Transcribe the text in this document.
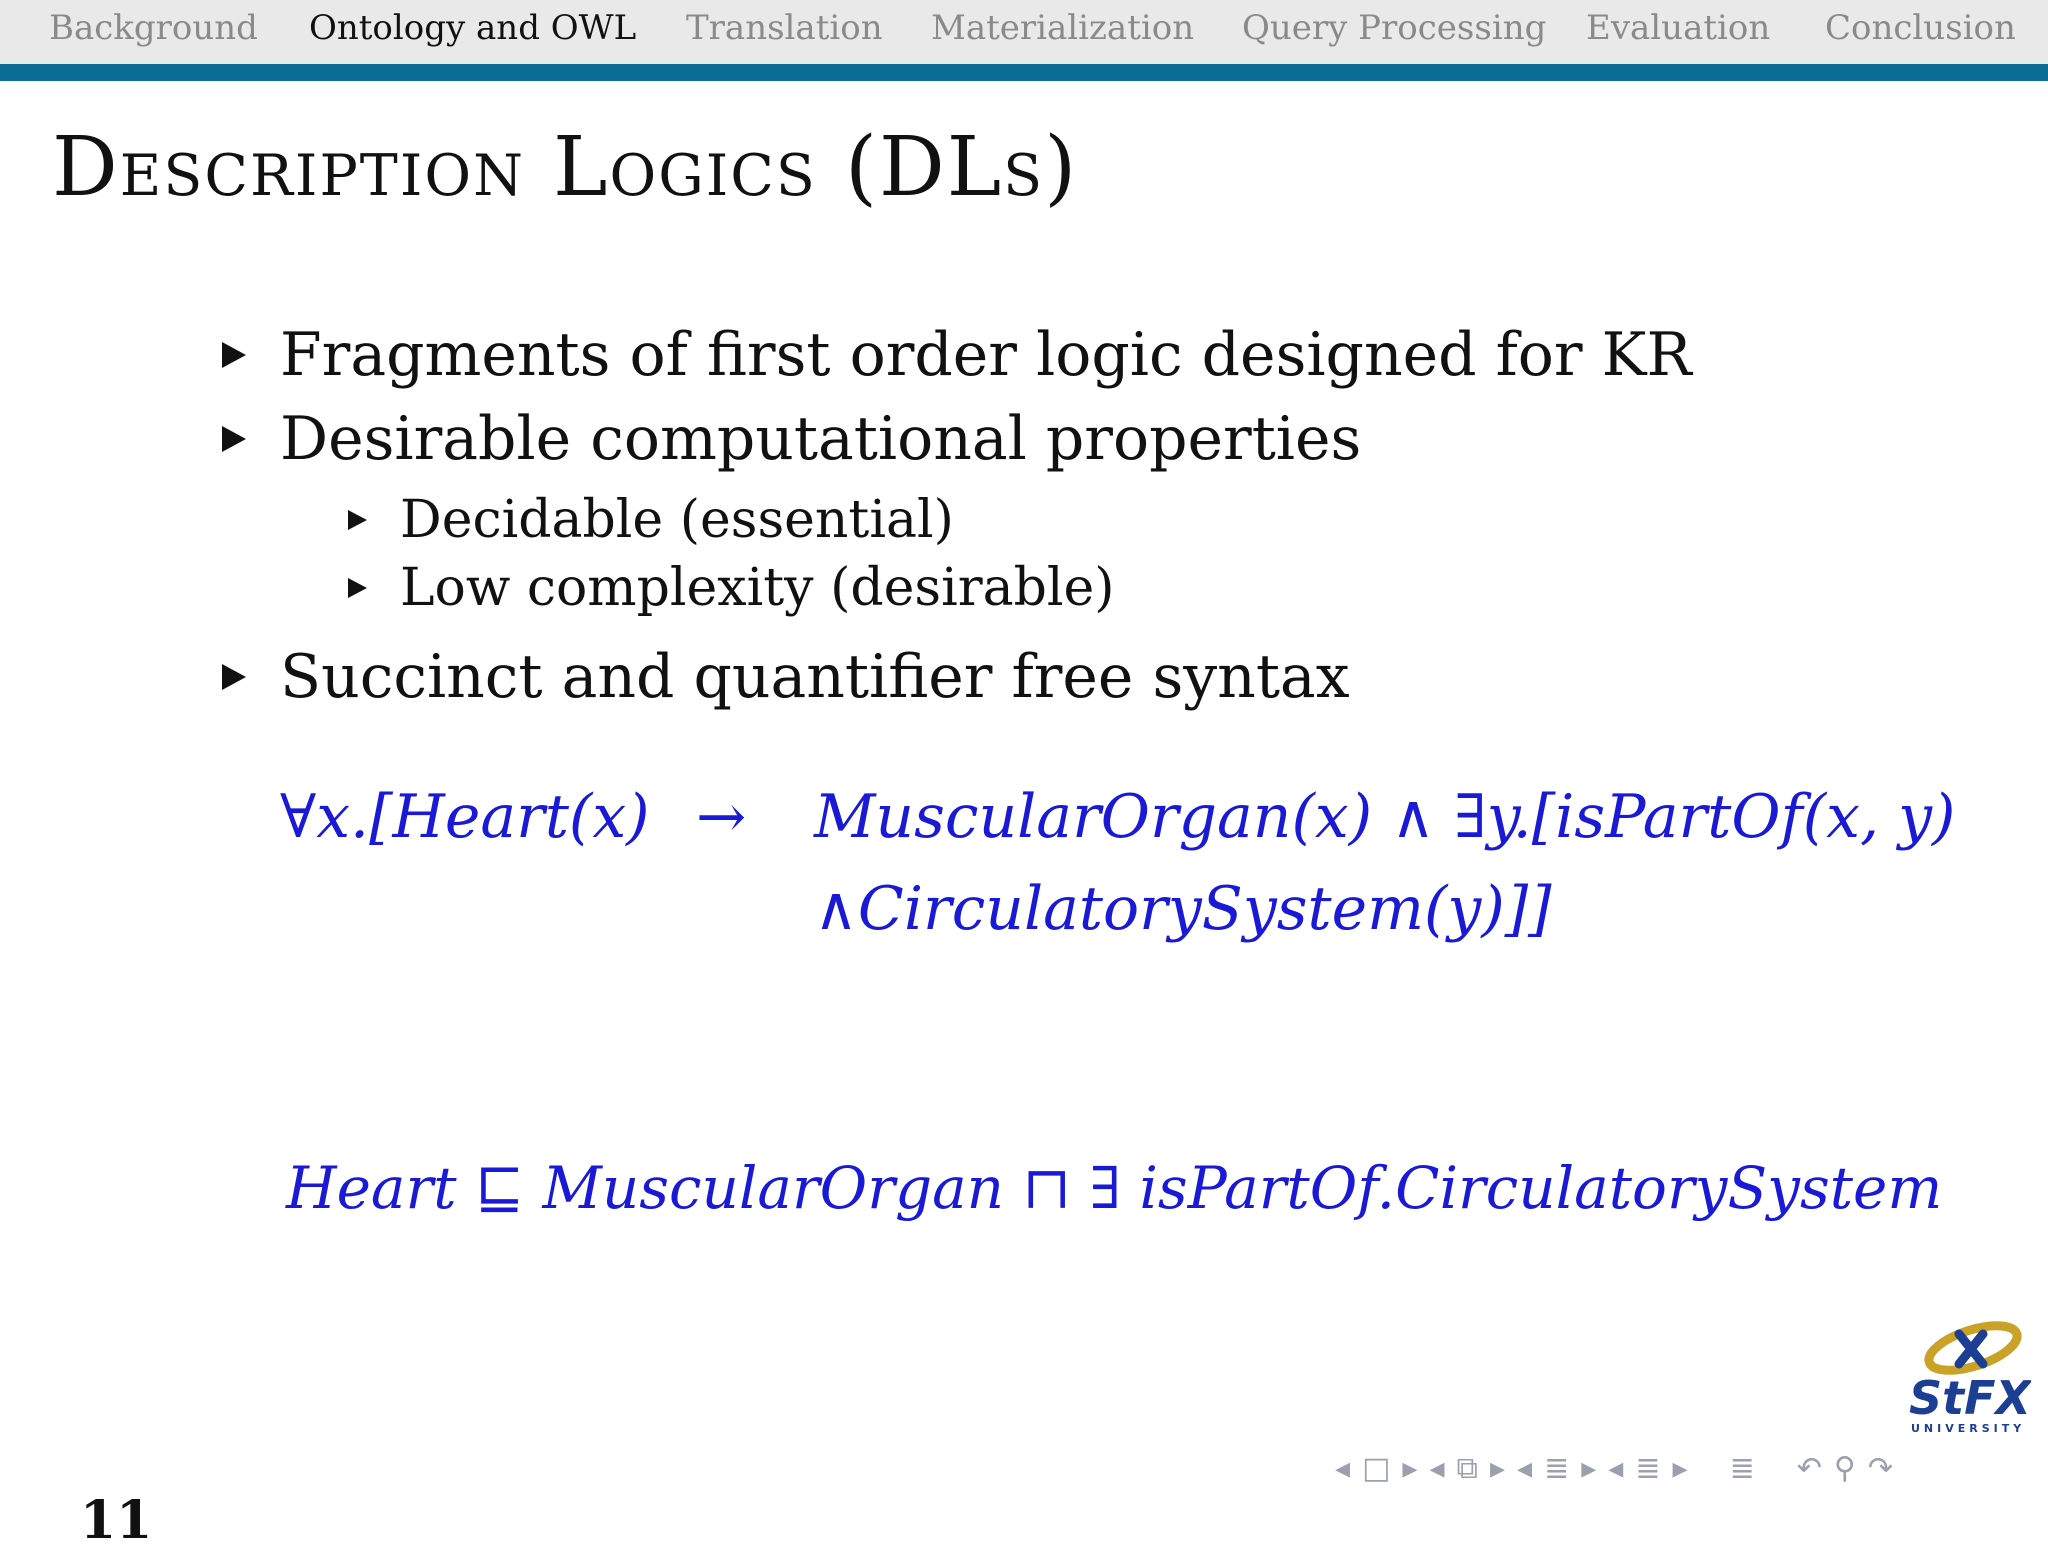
Background Ontology and OWL Translation Materialization Query Processing Evaluation Conclusion
Description Logics (DLs)
Fragments of first order logic designed for KR
Desirable computational properties
Decidable (essential)
Low complexity (desirable)
Succinct and quantifier free syntax
∀x.[Heart(x) → MuscularOrgan(x) ∧ ∃y.[isPartOf(x, y)
∧CirculatorySystem(y)]]
Heart ⊑ MuscularOrgan ⊓ ∃ isPartOf.CirculatorySystem
StFX
UNIVERSITY
◂ □ ▸ ◂ ⧉ ▸ ◂ ≣ ▸ ◂ ≣ ▸ ≣ ↶ ⚲ ↷
11
